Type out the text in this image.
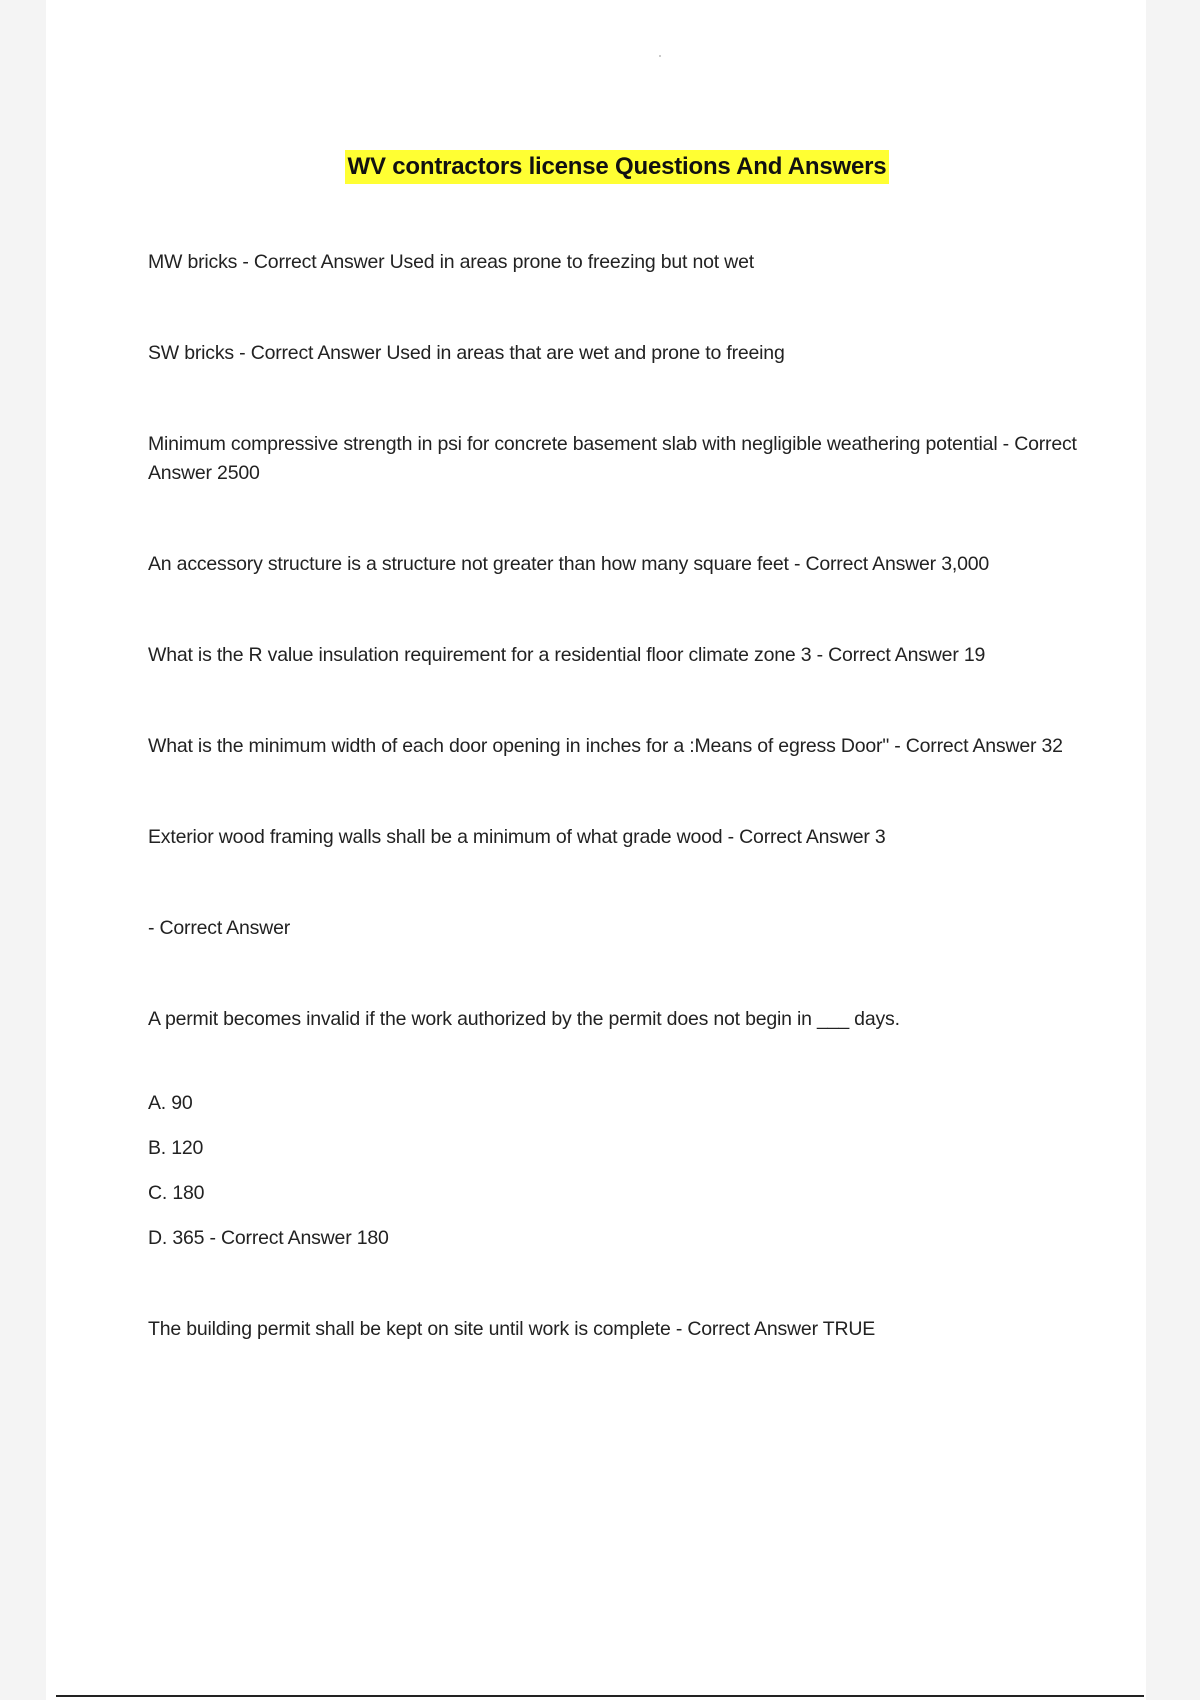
WV contractors license Questions And Answers
MW bricks - Correct Answer Used in areas prone to freezing but not wet
SW bricks - Correct Answer Used in areas that are wet and prone to freeing
Minimum compressive strength in psi for concrete basement slab with negligible weathering potential - Correct Answer 2500
An accessory structure is a structure not greater than how many square feet - Correct Answer 3,000
What is the R value insulation requirement for a residential floor climate zone 3 - Correct Answer 19
What is the minimum width of each door opening in inches for a :Means of egress Door" - Correct Answer 32
Exterior wood framing walls shall be a minimum of what grade wood - Correct Answer 3
- Correct Answer
A permit becomes invalid if the work authorized by the permit does not begin in ___ days.
A. 90
B. 120
C. 180
D. 365 - Correct Answer 180
The building permit shall be kept on site until work is complete - Correct Answer TRUE
